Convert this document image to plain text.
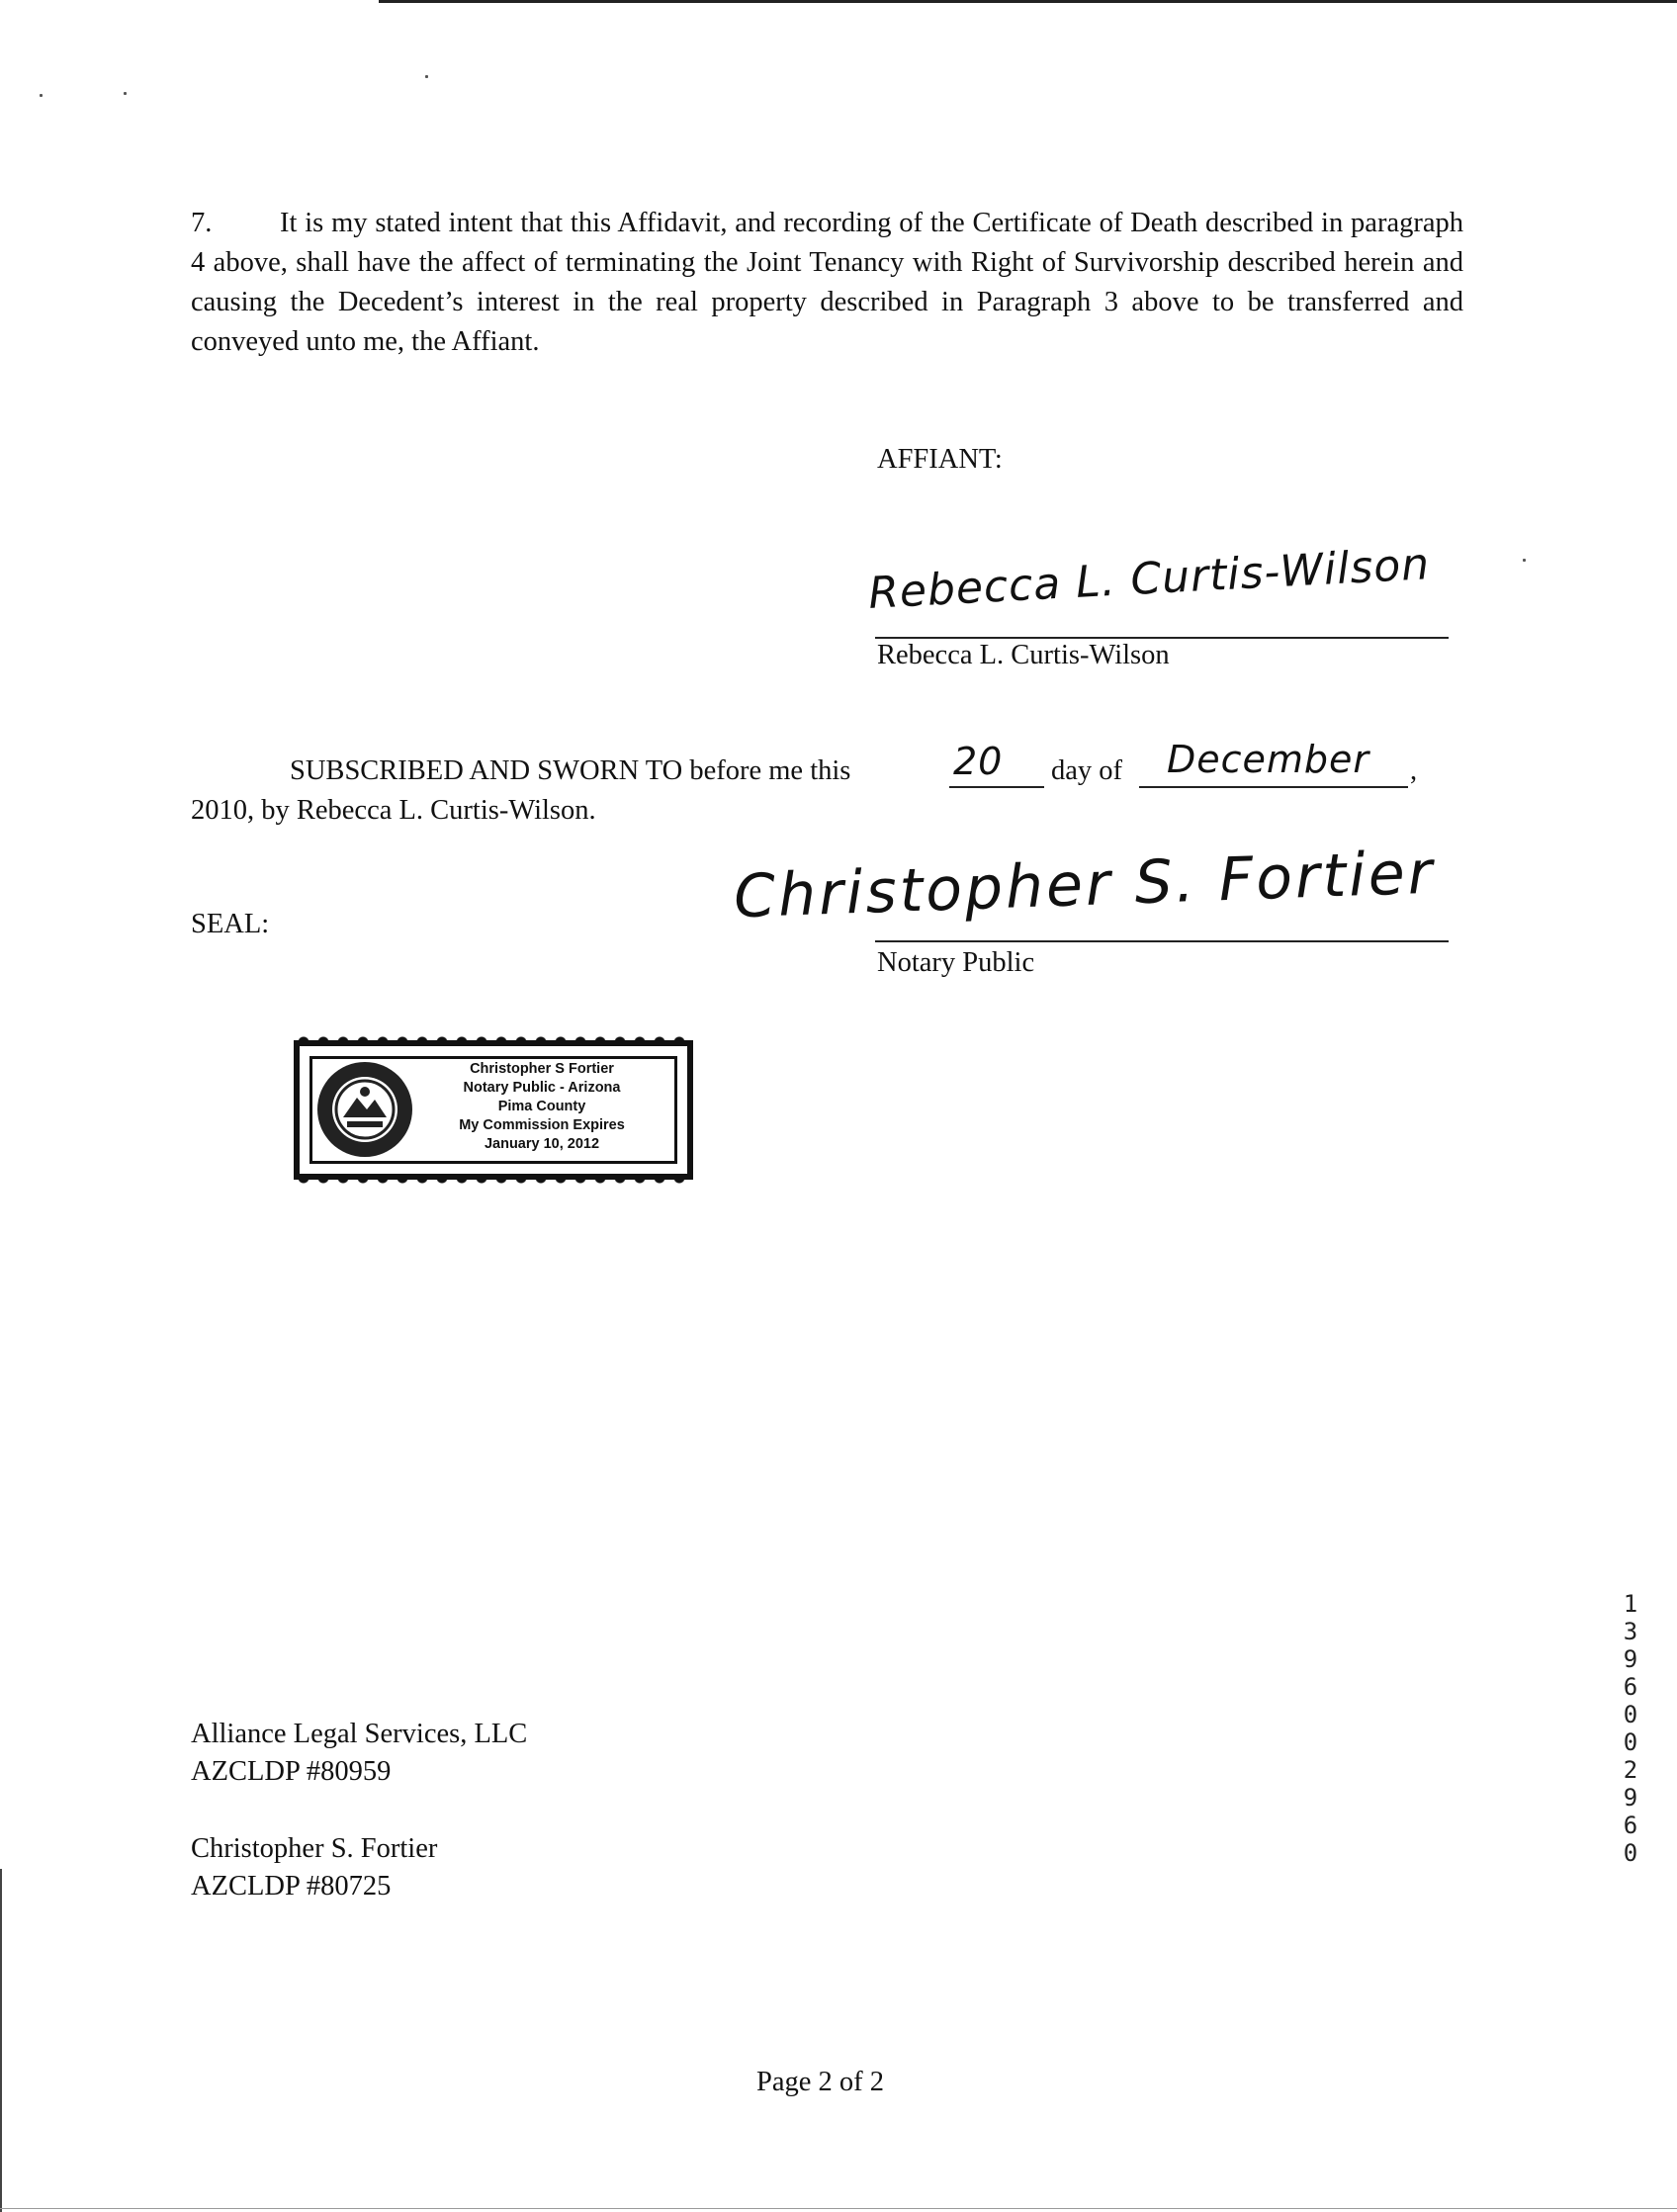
7. It is my stated intent that this Affidavit, and recording of the Certificate of Death described in paragraph 4 above, shall have the affect of terminating the Joint Tenancy with Right of Survivorship described herein and causing the Decedent’s interest in the real property described in Paragraph 3 above to be transferred and conveyed unto me, the Affiant.
AFFIANT:
Rebecca L. Curtis-Wilson
Rebecca L. Curtis-Wilson
SUBSCRIBED AND SWORN TO before me this	20 day of December ,
2010, by Rebecca L. Curtis-Wilson.
SEAL:	Christopher S. Fortier
Notary Public
Christopher S Fortier
Notary Public - Arizona
Pima County
My Commission Expires
January 10, 2012
Alliance Legal Services, LLC
AZCLDP #80959
Christopher S. Fortier
AZCLDP #80725
Page 2 of 2
13960 02960
